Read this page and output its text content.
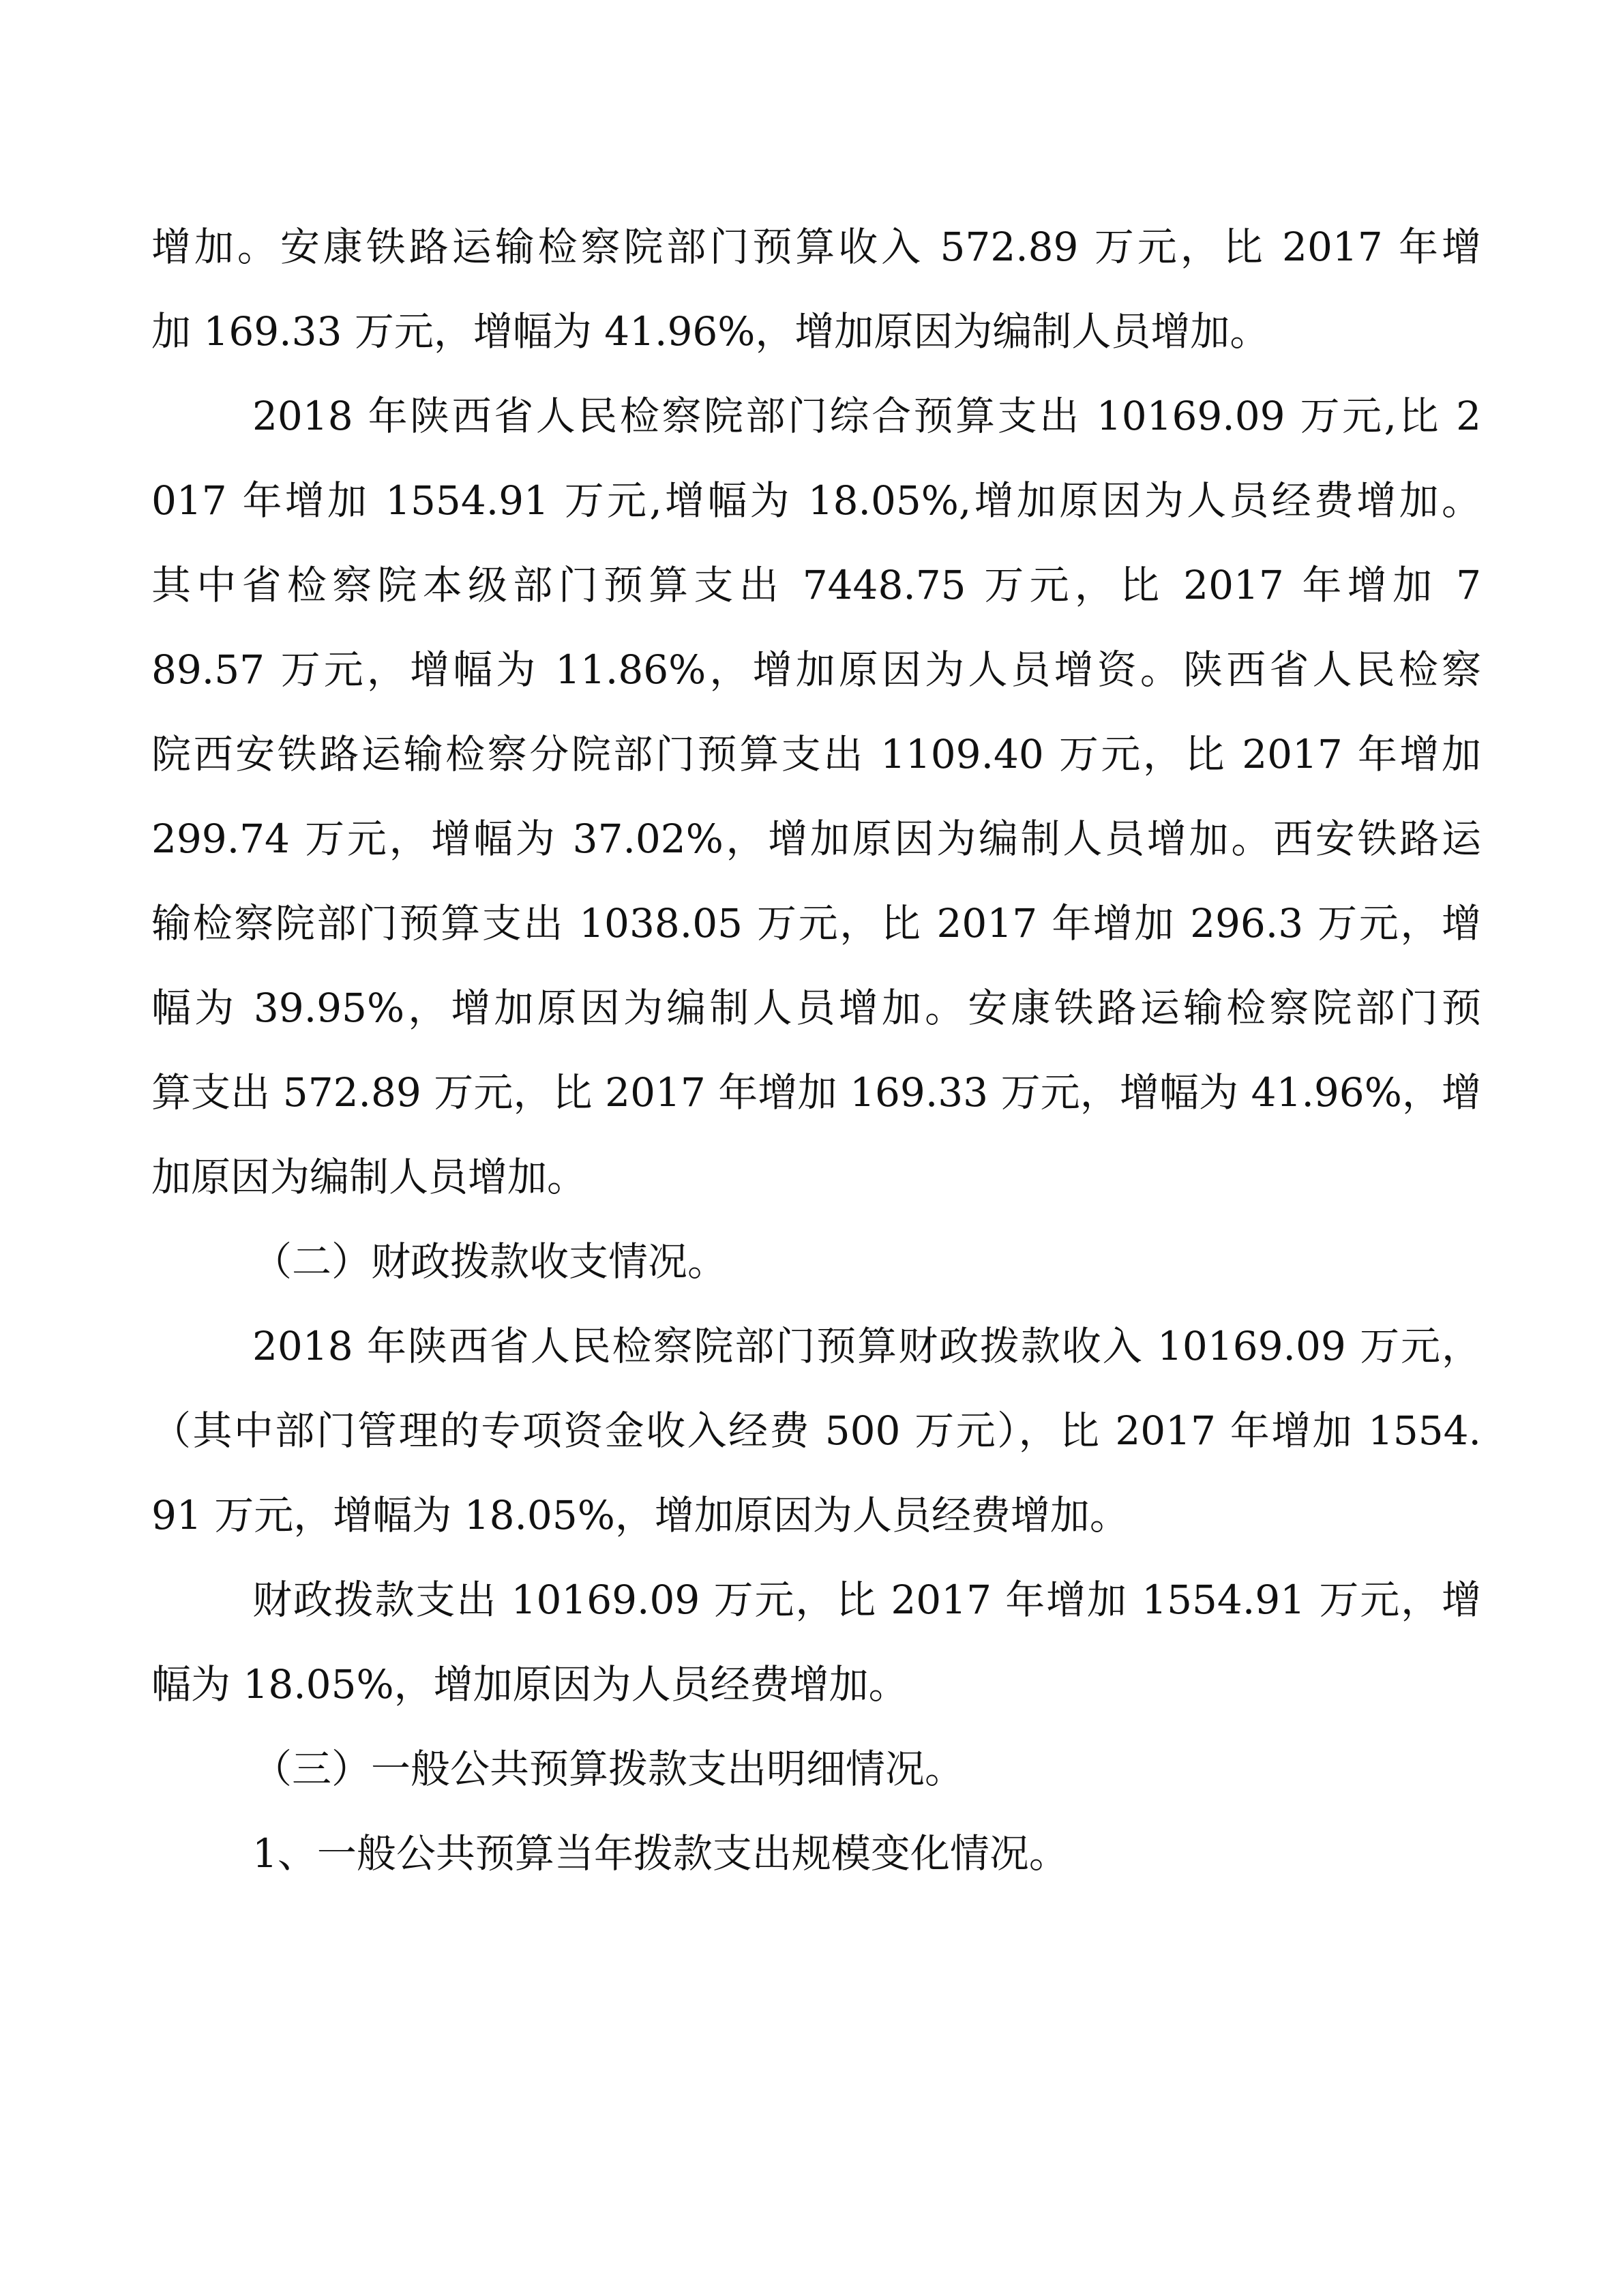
增加。安康铁路运输检察院部门预算收入 572.89 万元，比 2017 年增
加 169.33 万元，增幅为 41.96%，增加原因为编制人员增加。
2018 年陕西省人民检察院部门综合预算支出 10169.09 万元,比 2
017 年增加 1554.91 万元,增幅为 18.05%,增加原因为人员经费增加。
其中省检察院本级部门预算支出 7448.75 万元，比 2017 年增加 7
89.57 万元，增幅为 11.86%，增加原因为人员增资。陕西省人民检察
院西安铁路运输检察分院部门预算支出 1109.40 万元，比 2017 年增加
299.74 万元，增幅为 37.02%，增加原因为编制人员增加。西安铁路运
输检察院部门预算支出 1038.05 万元，比 2017 年增加 296.3 万元，增
幅为 39.95%，增加原因为编制人员增加。安康铁路运输检察院部门预
算支出 572.89 万元，比 2017 年增加 169.33 万元，增幅为 41.96%，增
加原因为编制人员增加。
（二）财政拨款收支情况。
2018 年陕西省人民检察院部门预算财政拨款收入 10169.09 万元，
（其中部门管理的专项资金收入经费 500 万元），比 2017 年增加 1554.
91 万元，增幅为 18.05%，增加原因为人员经费增加。
财政拨款支出 10169.09 万元，比 2017 年增加 1554.91 万元，增
幅为 18.05%，增加原因为人员经费增加。
（三）一般公共预算拨款支出明细情况。
1、一般公共预算当年拨款支出规模变化情况。
